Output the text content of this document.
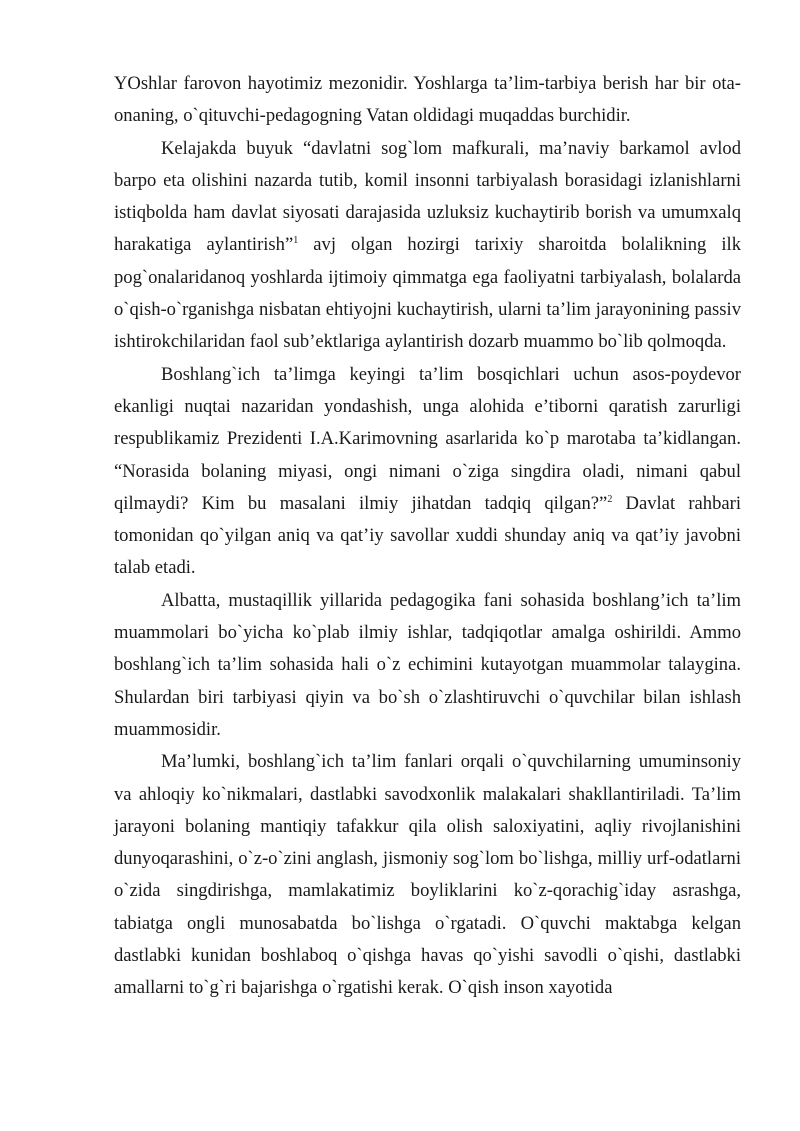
YOshlar farovon hayotimiz mezonidir. Yoshlarga ta’lim-tarbiya berish har bir ota-onaning, o`qituvchi-pedagogning Vatan oldidagi muqaddas burchidir.

Kelajakda buyuk “davlatni sog`lom mafkurali, ma’naviy barkamol avlod barpo eta olishini nazarda tutib, komil insonni tarbiyalash borasidagi izlanishlarni istiqbolda ham davlat siyosati darajasida uzluksiz kuchaytirib borish va umumxalq harakatiga aylantirish”$^1$ avj olgan hozirgi tarixiy sharoitda bolalikning ilk pog`onalaridanoq yoshlarda ijtimoiy qimmatga ega faoliyatni tarbiyalash, bolalarda o`qish-o`rganishga nisbatan ehtiyojni kuchaytirish, ularni ta’lim jarayonining passiv ishtirokchilaridan faol sub’ektlariga aylantirish dozarb muammo bo`lib qolmoqda.

Boshlang`ich ta’limga keyingi ta’lim bosqichlari uchun asos-poydevor ekanligi nuqtai nazaridan yondashish, unga alohida e’tiborni qaratish zarurligi respublikamiz Prezidenti I.A.Karimovning asarlarida ko`p marotaba ta’kidlangan. “Norasida bolaning miyasi, ongi nimani o`ziga singdira oladi, nimani qabul qilmaydi? Kim bu masalani ilmiy jihatdan tadqiq qilgan?”$^2$ Davlat rahbari tomonidan qo`yilgan aniq va qat’iy savollar xuddi shunday aniq va qat’iy javobni talab etadi.

Albatta, mustaqillik yillarida pedagogika fani sohasida boshlang’ich ta’lim muammolari bo`yicha ko`plab ilmiy ishlar, tadqiqotlar amalga oshirildi. Ammo boshlang`ich ta’lim sohasida hali o`z echimini kutayotgan muammolar talaygina. Shulardan biri tarbiyasi qiyin va bo`sh o`zlashtiruvchi o`quvchilar bilan ishlash muammosidir.

Ma’lumki, boshlang`ich ta’lim fanlari orqali o`quvchilarning umuminsoniy va ahloqiy ko`nikmalari, dastlabki savodxonlik malakalari shakllantiriladi. Ta’lim jarayoni bolaning mantiqiy tafakkur qila olish saloxiyatini, aqliy rivojlanishini dunyoqarashini, o`z-o`zini anglash, jismoniy sog`lom bo`lishga, milliy urf-odatlarni o`zida singdirishga, mamlakatimiz boyliklarini ko`z-qorachig`iday asrashga, tabiatga ongli munosabatda bo`lishga o`rgatadi. O`quvchi maktabga kelgan dastlabki kunidan boshlaboq o`qishga havas qo`yishi savodli o`qishi, dastlabki amallarni to`g`ri bajarishga o`rgatishi kerak. O`qish inson xayotida
